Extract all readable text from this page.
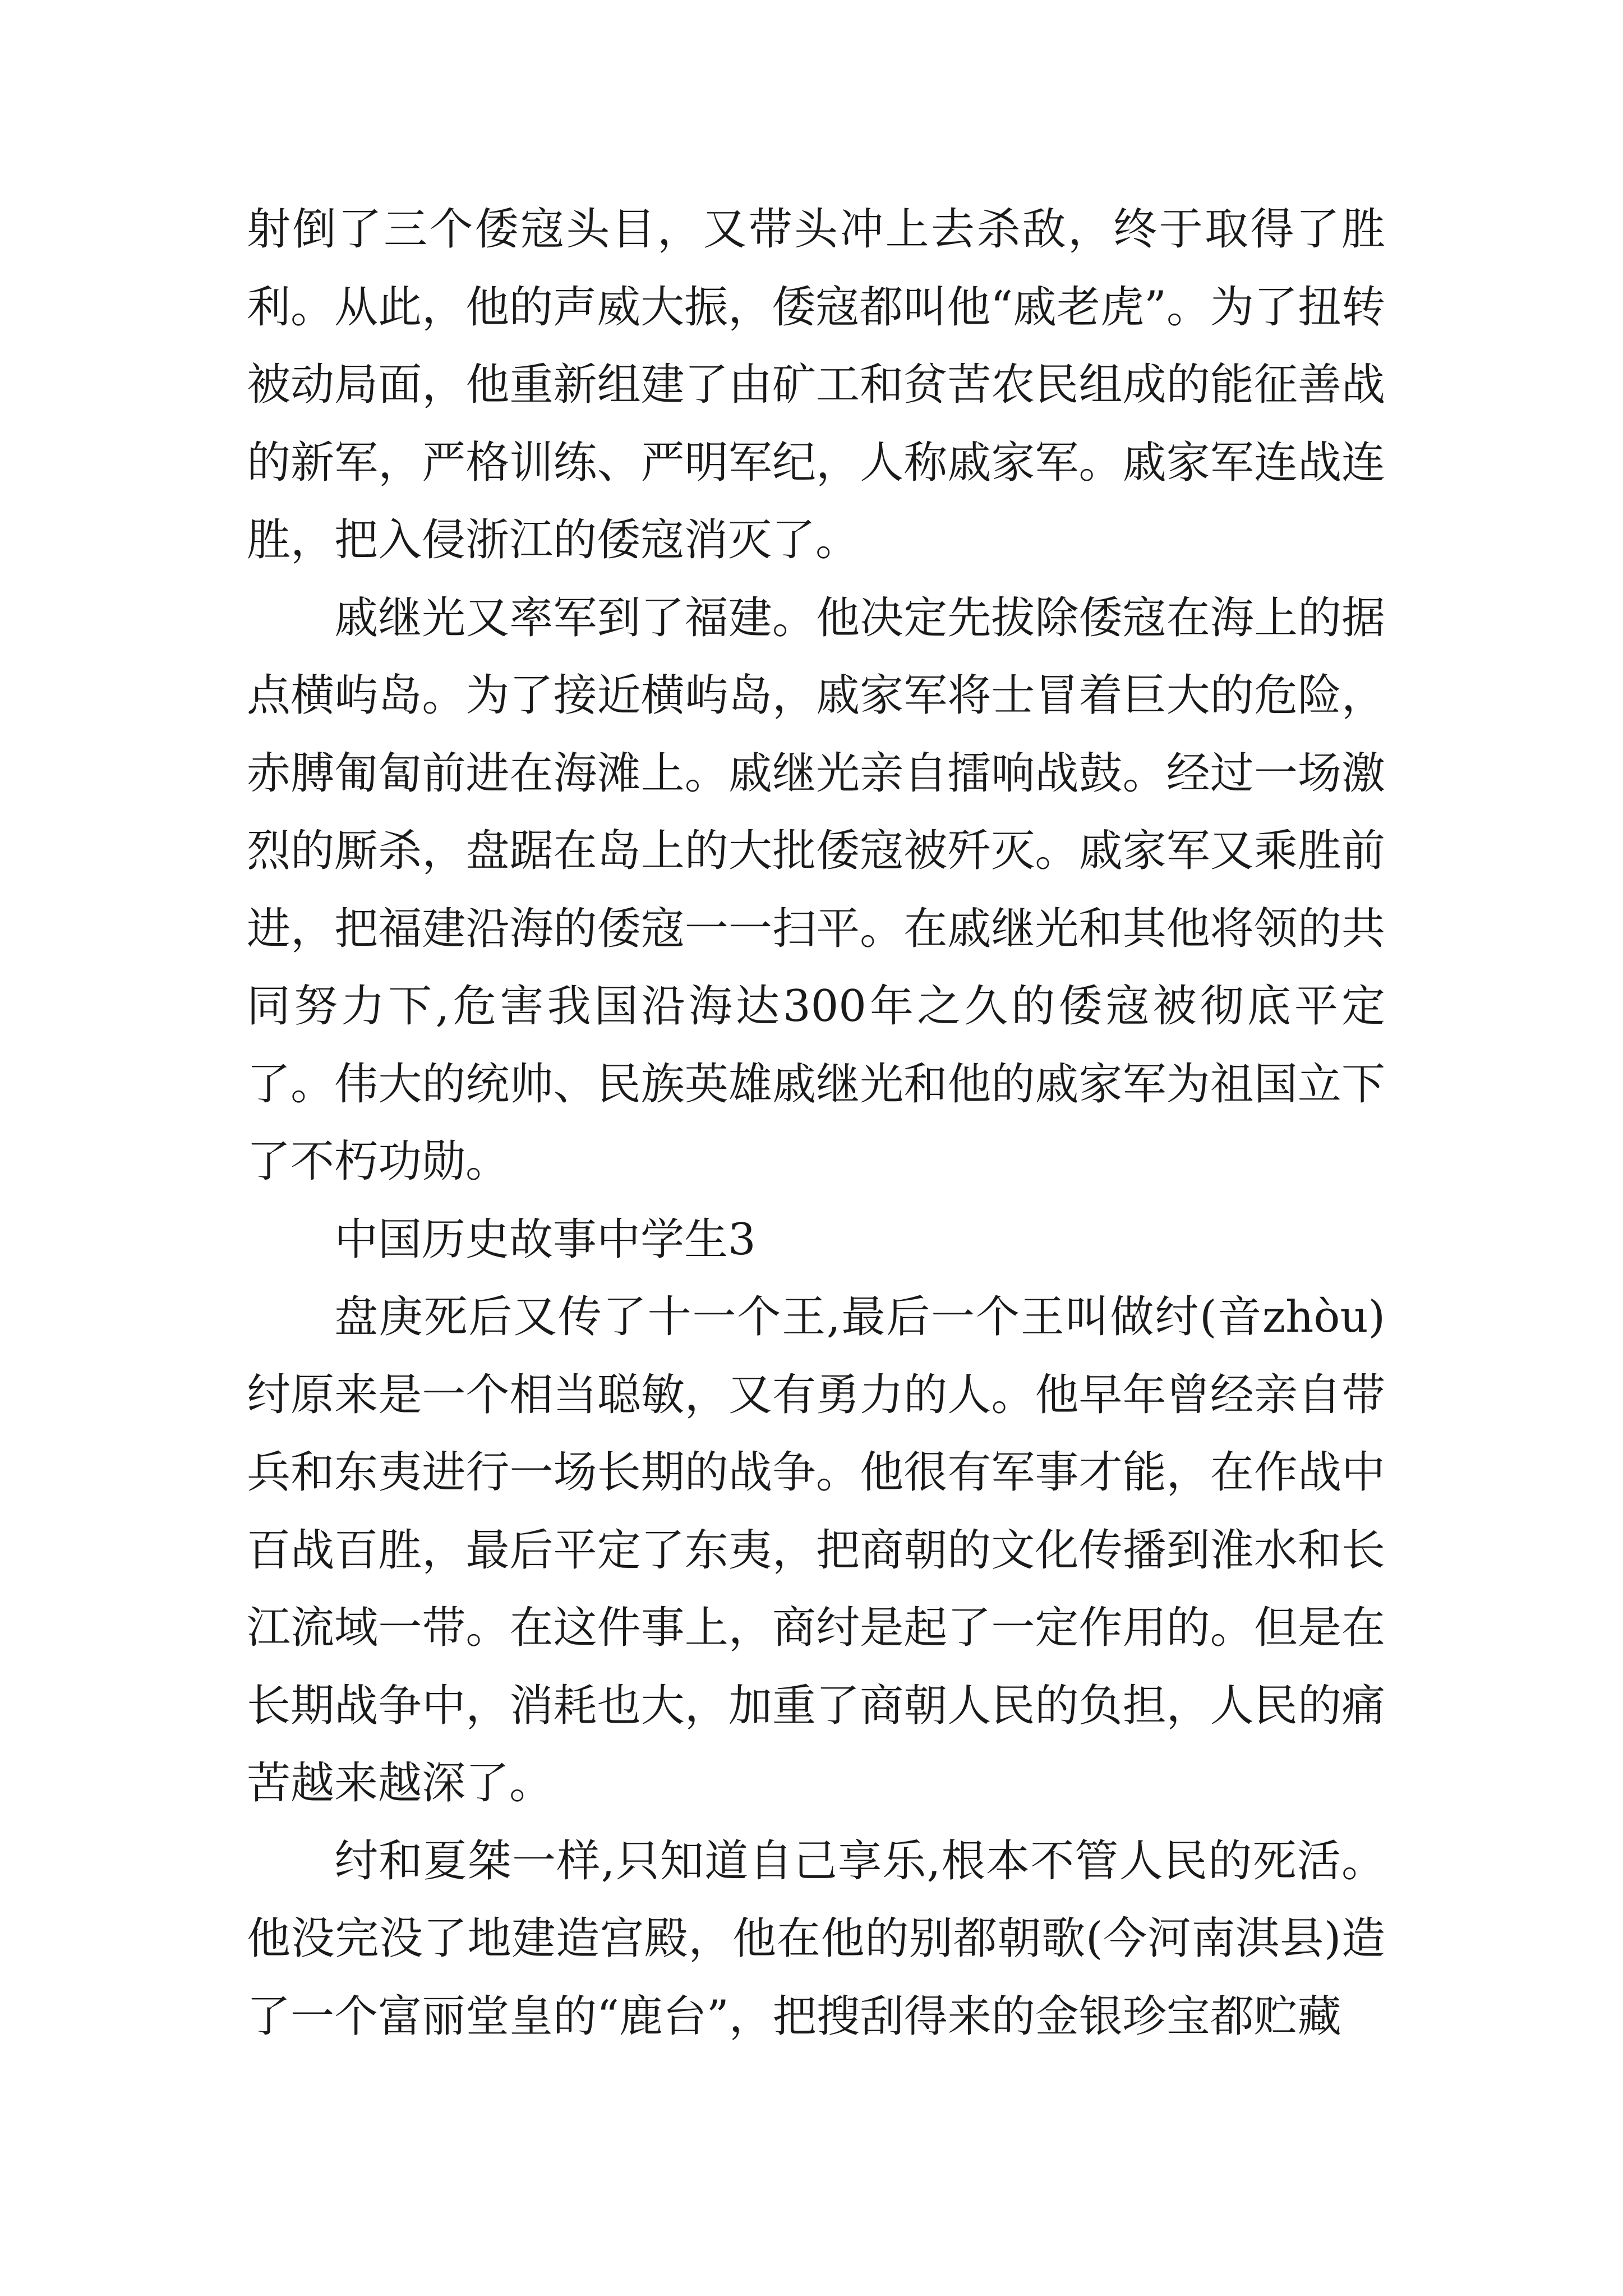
射倒了三个倭寇头目，又带头冲上去杀敌，终于取得了胜利。从此，他的声威大振，倭寇都叫他“戚老虎”。为了扭转被动局面，他重新组建了由矿工和贫苦农民组成的能征善战的新军，严格训练、严明军纪，人称戚家军。戚家军连战连胜，把入侵浙江的倭寇消灭了。

戚继光又率军到了福建。他决定先拔除倭寇在海上的据点横屿岛。为了接近横屿岛，戚家军将士冒着巨大的危险，赤膊匍匐前进在海滩上。戚继光亲自擂响战鼓。经过一场激烈的厮杀，盘踞在岛上的大批倭寇被歼灭。戚家军又乘胜前进，把福建沿海的倭寇一一扫平。在戚继光和其他将领的共同努力下,危害我国沿海达300年之久的倭寇被彻底平定了。伟大的统帅、民族英雄戚继光和他的戚家军为祖国立下了不朽功勋。

中国历史故事中学生3

盘庚死后又传了十一个王,最后一个王叫做纣(音zhòu)纣原来是一个相当聪敏，又有勇力的人。他早年曾经亲自带兵和东夷进行一场长期的战争。他很有军事才能，在作战中百战百胜，最后平定了东夷，把商朝的文化传播到淮水和长江流域一带。在这件事上，商纣是起了一定作用的。但是在长期战争中，消耗也大，加重了商朝人民的负担，人民的痛苦越来越深了。

纣和夏桀一样,只知道自己享乐,根本不管人民的死活。他没完没了地建造宫殿，他在他的别都朝歌(今河南淇县)造了一个富丽堂皇的“鹿台”，把搜刮得来的金银珍宝都贮藏
